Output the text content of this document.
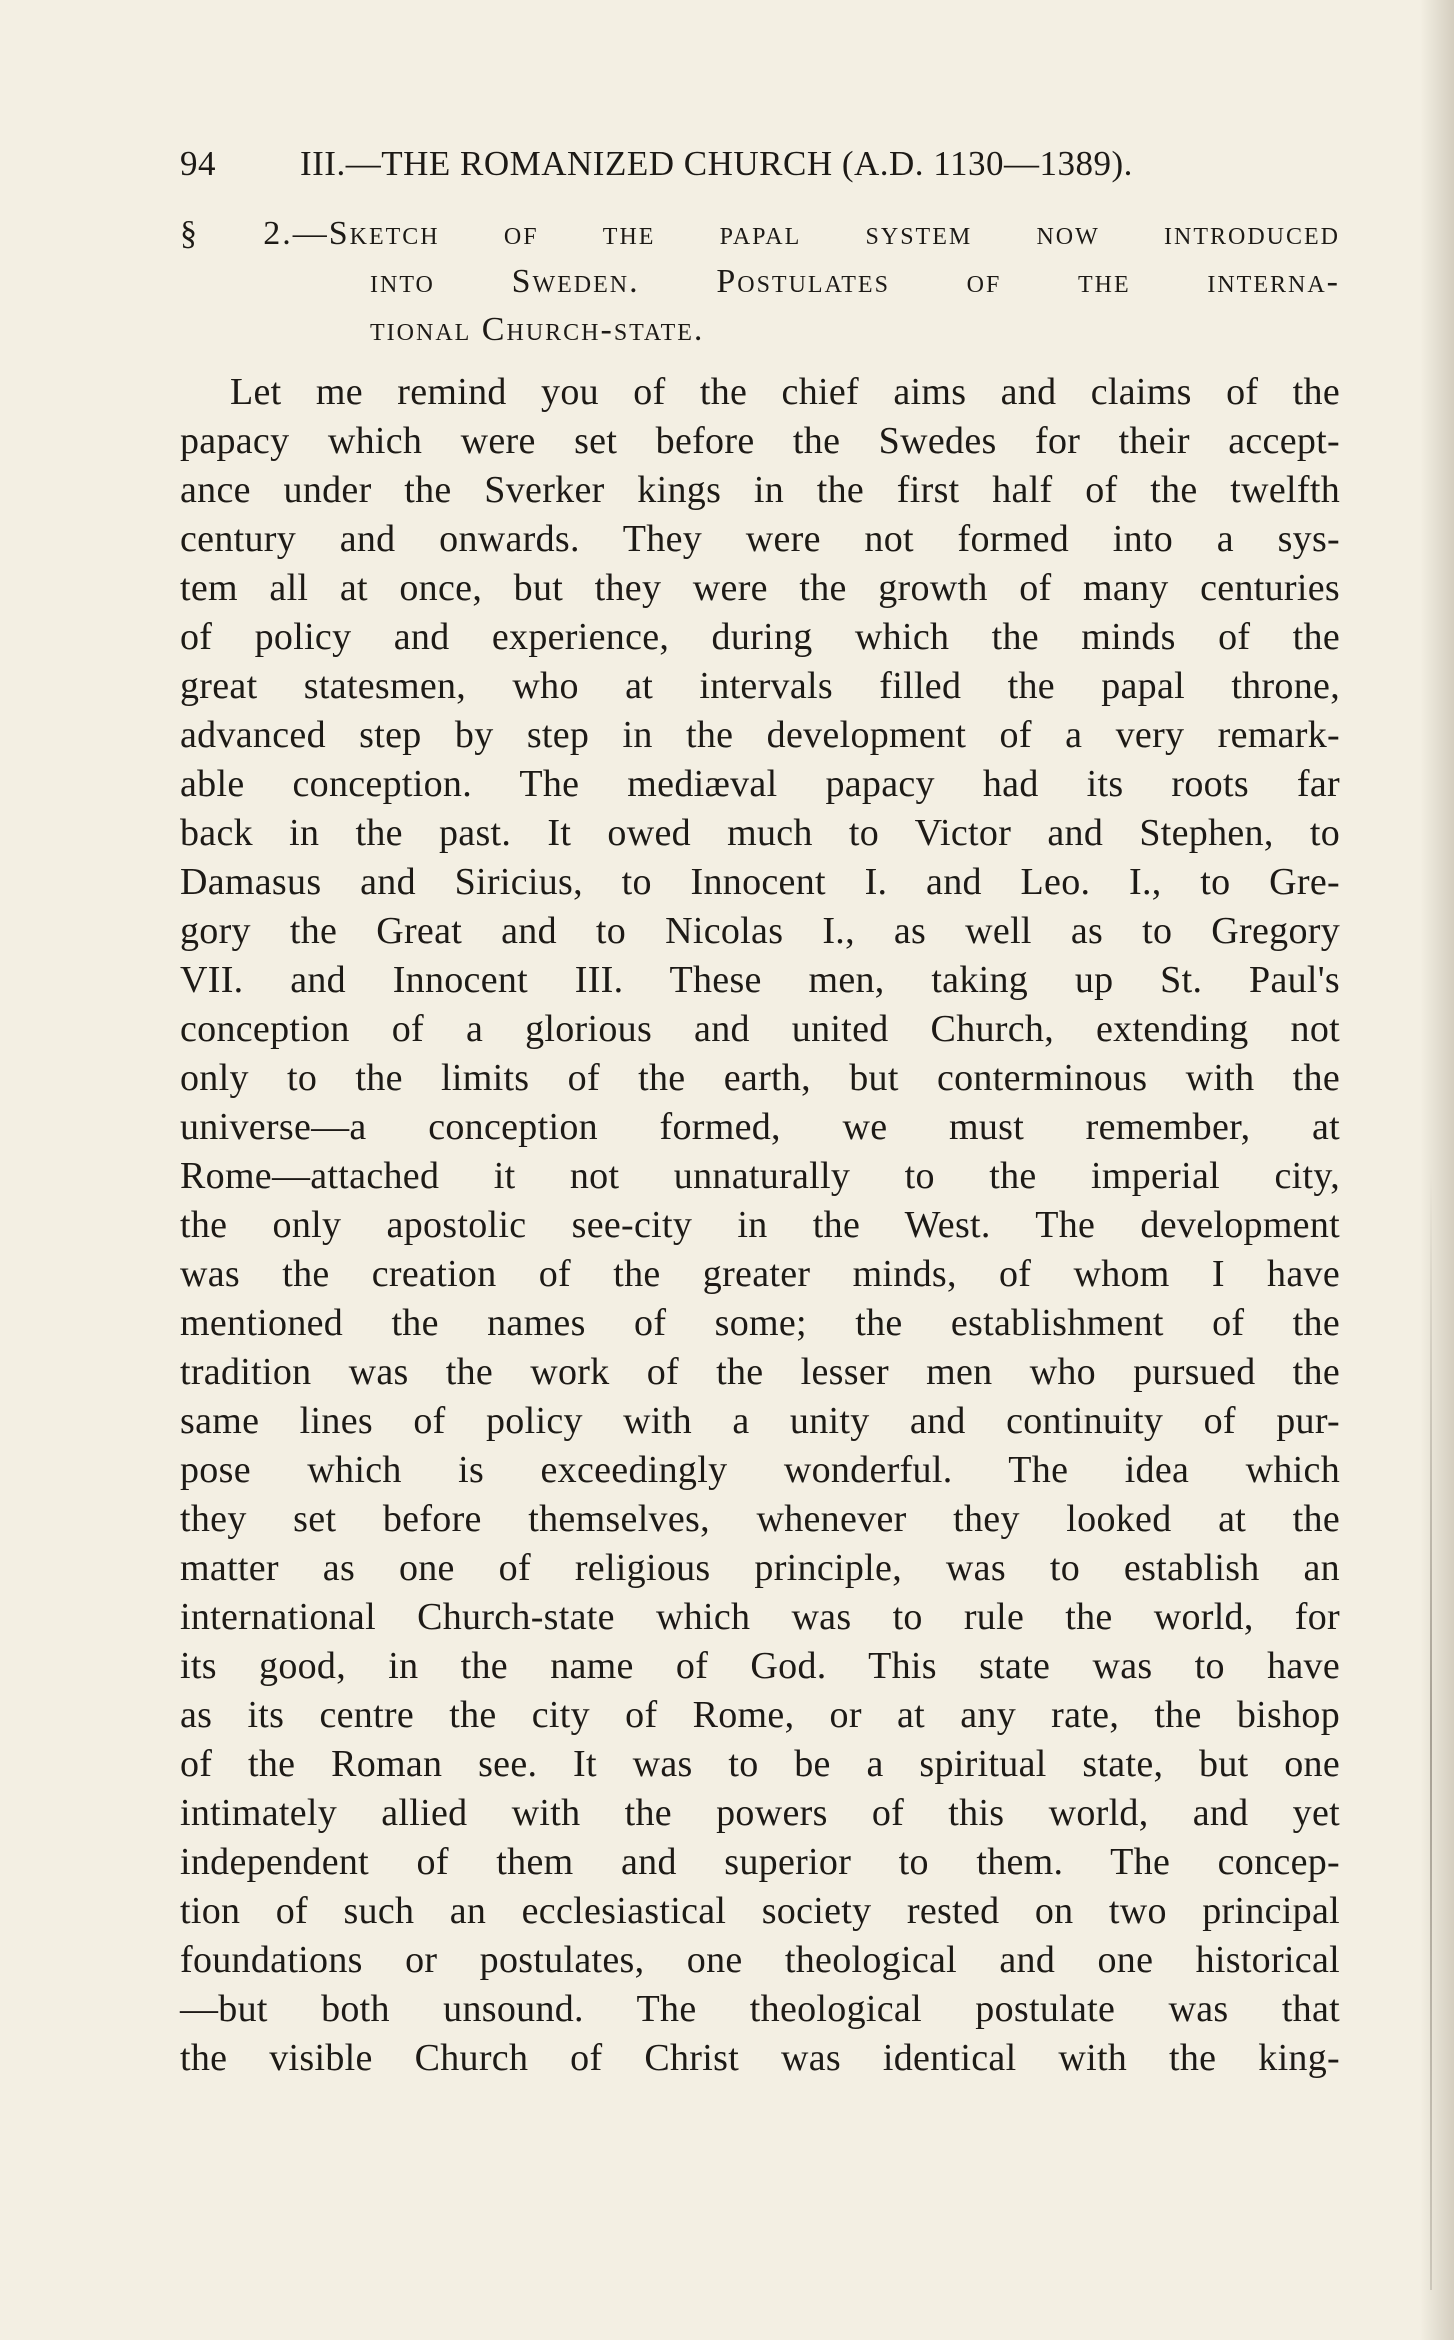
94 III.—THE ROMANIZED CHURCH (A.D. 1130—1389).
§ 2.—Sketch of the papal system now introduced
into Sweden. Postulates of the interna-
tional Church-state.
Let me remind you of the chief aims and claims of the
papacy which were set before the Swedes for their accept-
ance under the Sverker kings in the first half of the twelfth
century and onwards. They were not formed into a sys-
tem all at once, but they were the growth of many centuries
of policy and experience, during which the minds of the
great statesmen, who at intervals filled the papal throne,
advanced step by step in the development of a very remark-
able conception. The mediæval papacy had its roots far
back in the past. It owed much to Victor and Stephen, to
Damasus and Siricius, to Innocent I. and Leo. I., to Gre-
gory the Great and to Nicolas I., as well as to Gregory
VII. and Innocent III. These men, taking up St. Paul's
conception of a glorious and united Church, extending not
only to the limits of the earth, but conterminous with the
universe—a conception formed, we must remember, at
Rome—attached it not unnaturally to the imperial city,
the only apostolic see-city in the West. The development
was the creation of the greater minds, of whom I have
mentioned the names of some; the establishment of the
tradition was the work of the lesser men who pursued the
same lines of policy with a unity and continuity of pur-
pose which is exceedingly wonderful. The idea which
they set before themselves, whenever they looked at the
matter as one of religious principle, was to establish an
international Church-state which was to rule the world, for
its good, in the name of God. This state was to have
as its centre the city of Rome, or at any rate, the bishop
of the Roman see. It was to be a spiritual state, but one
intimately allied with the powers of this world, and yet
independent of them and superior to them. The concep-
tion of such an ecclesiastical society rested on two principal
foundations or postulates, one theological and one historical
—but both unsound. The theological postulate was that
the visible Church of Christ was identical with the king-
